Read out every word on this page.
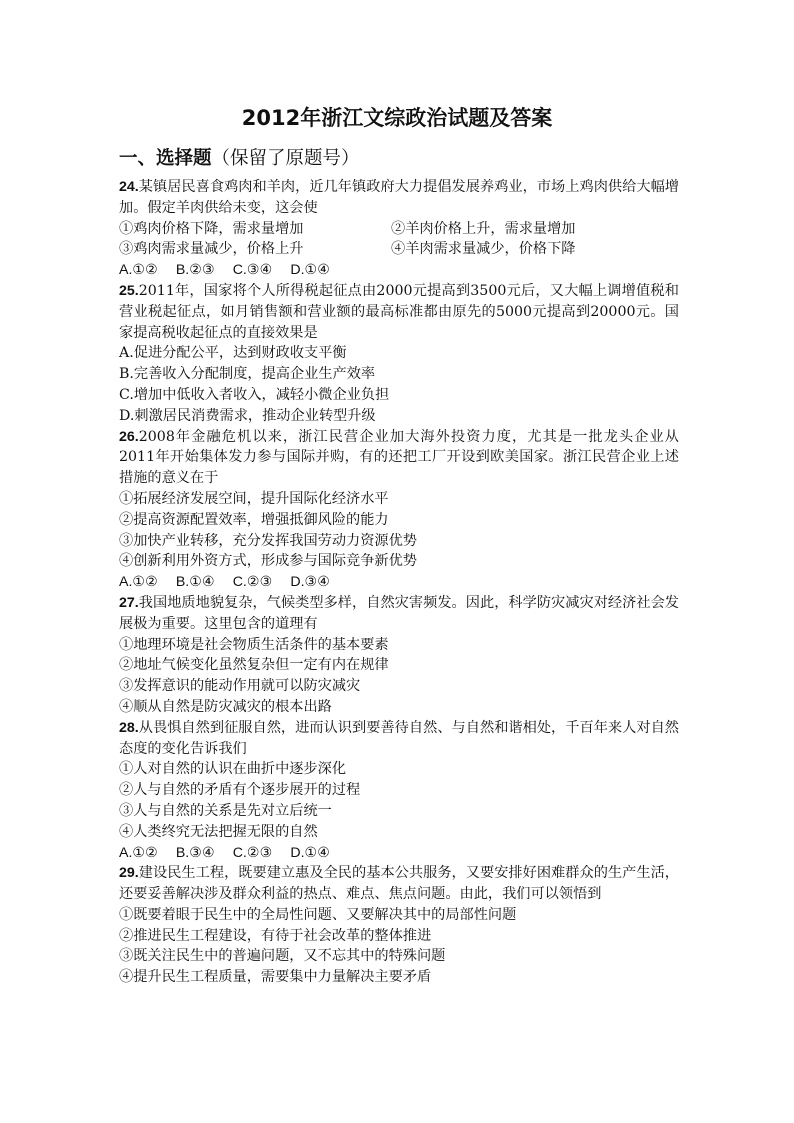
2012年浙江文综政治试题及答案
一、选择题（保留了原题号）

24.某镇居民喜食鸡肉和羊肉，近几年镇政府大力提倡发展养鸡业，市场上鸡肉供给大幅增加。假定羊肉供给未变，这会使

①鸡肉价格下降，需求量增加	②羊肉价格上升，需求量增加

③鸡肉需求量减少，价格上升	④羊肉需求量减少，价格下降

A.①② B.②③ C.③④ D.①④

25.2011年，国家将个人所得税起征点由2000元提高到3500元后，又大幅上调增值税和营业税起征点，如月销售额和营业额的最高标准都由原先的5000元提高到20000元。国家提高税收起征点的直接效果是

A.促进分配公平，达到财政收支平衡

B.完善收入分配制度，提高企业生产效率

C.增加中低收入者收入，减轻小微企业负担

D.刺激居民消费需求，推动企业转型升级

26.2008年金融危机以来，浙江民营企业加大海外投资力度，尤其是一批龙头企业从2011年开始集体发力参与国际并购，有的还把工厂开设到欧美国家。浙江民营企业上述措施的意义在于

①拓展经济发展空间，提升国际化经济水平

②提高资源配置效率，增强抵御风险的能力

③加快产业转移，充分发挥我国劳动力资源优势

④创新利用外资方式，形成参与国际竞争新优势

A.①② B.①④ C.②③ D.③④

27.我国地质地貌复杂，气候类型多样，自然灾害频发。因此，科学防灾减灾对经济社会发展极为重要。这里包含的道理有

①地理环境是社会物质生活条件的基本要素

②地址气候变化虽然复杂但一定有内在规律

③发挥意识的能动作用就可以防灾减灾

④顺从自然是防灾减灾的根本出路

28.从畏惧自然到征服自然，进而认识到要善待自然、与自然和谐相处，千百年来人对自然态度的变化告诉我们

①人对自然的认识在曲折中逐步深化

②人与自然的矛盾有个逐步展开的过程

③人与自然的关系是先对立后统一

④人类终究无法把握无限的自然

A.①② B.③④ C.②③ D.①④

29.建设民生工程，既要建立惠及全民的基本公共服务，又要安排好困难群众的生产生活，还要妥善解决涉及群众利益的热点、难点、焦点问题。由此，我们可以领悟到

①既要着眼于民生中的全局性问题、又要解决其中的局部性问题

②推进民生工程建设，有待于社会改革的整体推进

③既关注民生中的普遍问题，又不忘其中的特殊问题

④提升民生工程质量，需要集中力量解决主要矛盾
